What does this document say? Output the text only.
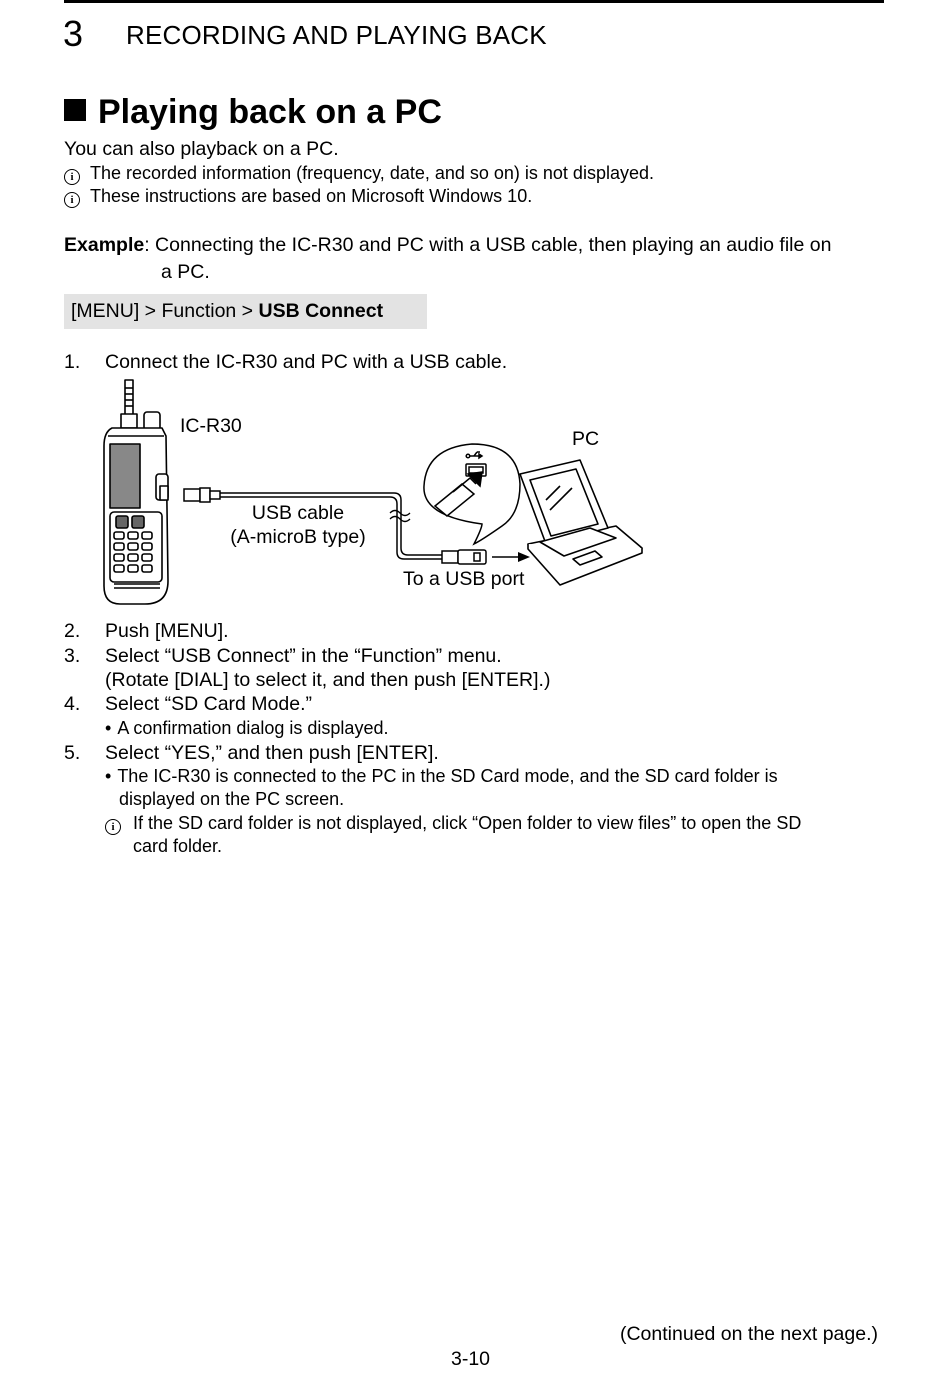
3 RECORDING AND PLAYING BACK
Playing back on a PC
You can also playback on a PC.
i The recorded information (frequency, date, and so on) is not displayed.
i These instructions are based on Microsoft Windows 10.
Example: Connecting the IC-R30 and PC with a USB cable, then playing an audio file on
a PC.
[MENU] > Function > USB Connect
1. Connect the IC-R30 and PC with a USB cable.
IC-R30
PC
USB cable
(A-microB type)
To a USB port
2. Push [MENU].
3. Select “USB Connect” in the “Function” menu.
(Rotate [DIAL] to select it, and then push [ENTER].)
4. Select “SD Card Mode.”
• A confirmation dialog is displayed.
5. Select “YES,” and then push [ENTER].
• The IC-R30 is connected to the PC in the SD Card mode, and the SD card folder is
displayed on the PC screen.
i If the SD card folder is not displayed, click “Open folder to view files” to open the SD
card folder.
(Continued on the next page.)
3-10
